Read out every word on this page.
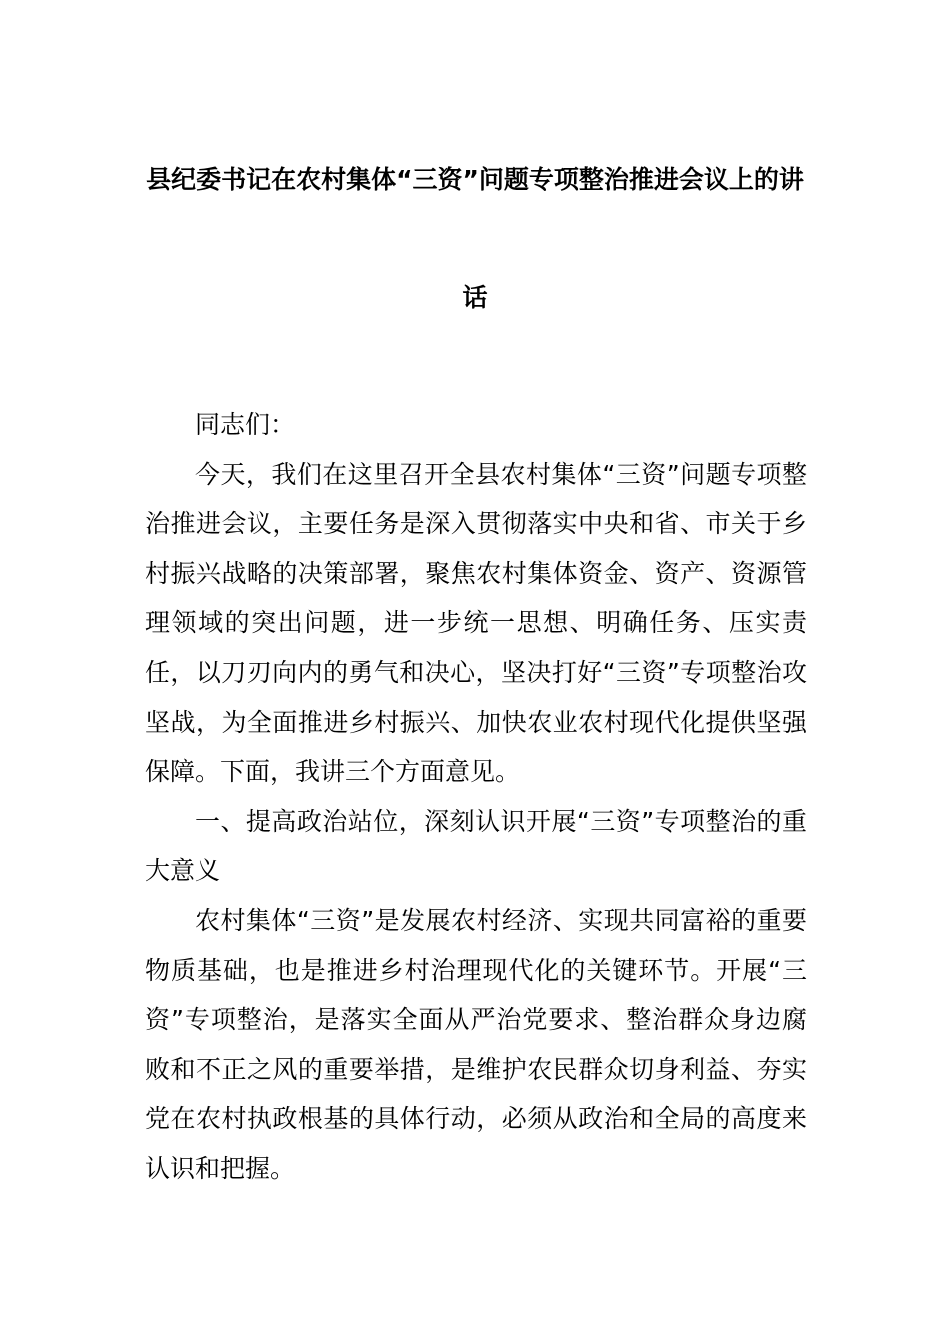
县纪委书记在农村集体“三资”问题专项整治推进会议上的讲
话

同志们：

今天，我们在这里召开全县农村集体“三资”问题专项整治推进会议，主要任务是深入贯彻落实中央和省、市关于乡村振兴战略的决策部署，聚焦农村集体资金、资产、资源管理领域的突出问题，进一步统一思想、明确任务、压实责任，以刀刃向内的勇气和决心，坚决打好“三资”专项整治攻坚战，为全面推进乡村振兴、加快农业农村现代化提供坚强保障。下面，我讲三个方面意见。

一、提高政治站位，深刻认识开展“三资”专项整治的重大意义

农村集体“三资”是发展农村经济、实现共同富裕的重要物质基础，也是推进乡村治理现代化的关键环节。开展“三资”专项整治，是落实全面从严治党要求、整治群众身边腐败和不正之风的重要举措，是维护农民群众切身利益、夯实党在农村执政根基的具体行动，必须从政治和全局的高度来认识和把握。
